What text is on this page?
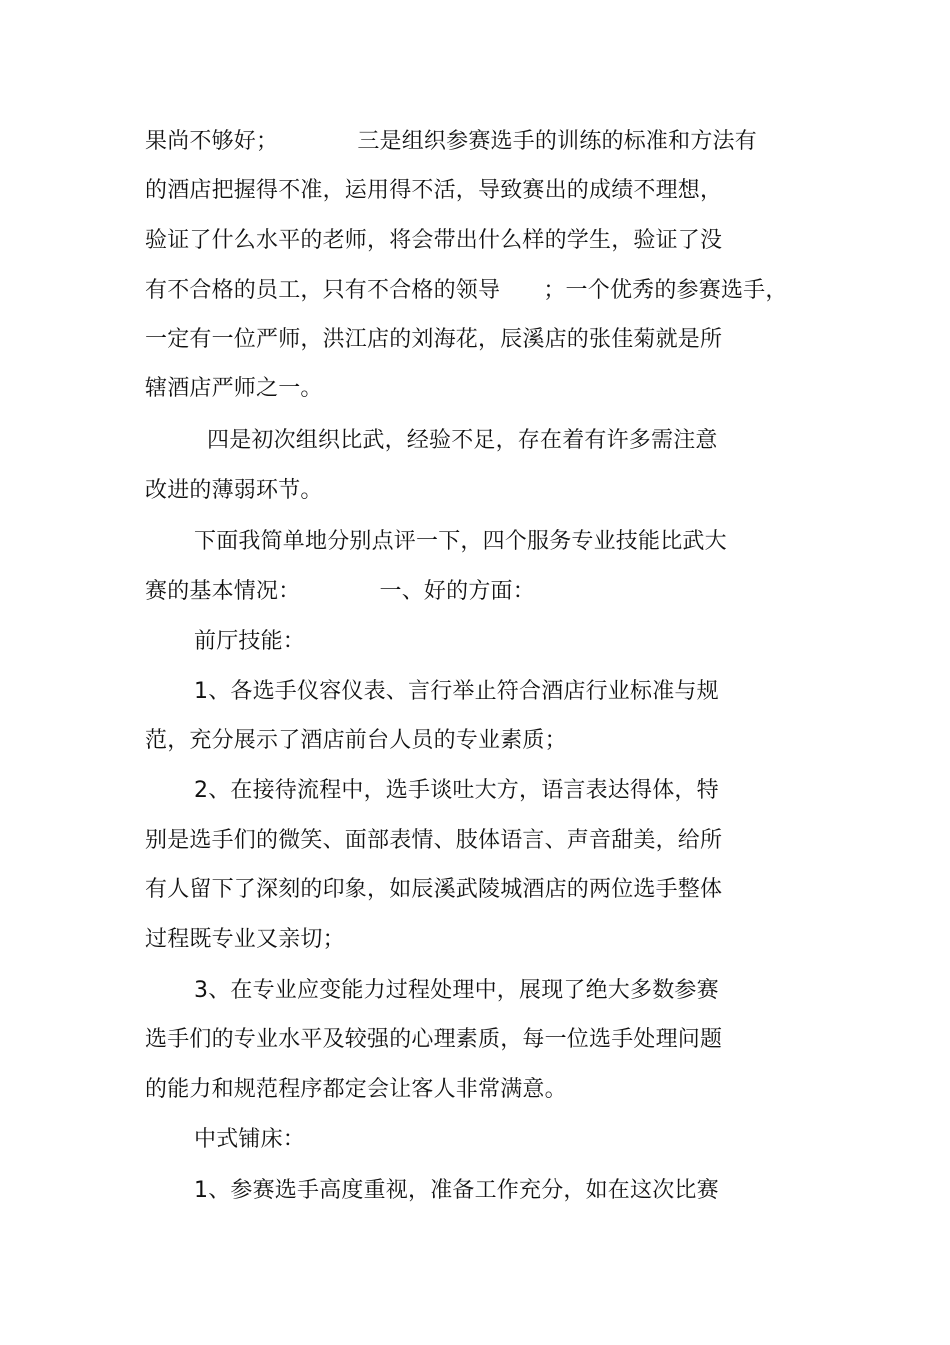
果尚不够好；           三是组织参赛选手的训练的标准和方法有
的酒店把握得不准，运用得不活，导致赛出的成绩不理想，
验证了什么水平的老师，将会带出什么样的学生，验证了没
有不合格的员工，只有不合格的领导      ；一个优秀的参赛选手，
一定有一位严师，洪江店的刘海花，辰溪店的张佳菊就是所
辖酒店严师之一。
四是初次组织比武，经验不足，存在着有许多需注意
改进的薄弱环节。
下面我简单地分别点评一下，四个服务专业技能比武大
赛的基本情况：           一、好的方面：
前厅技能：
1、各选手仪容仪表、言行举止符合酒店行业标准与规
范，充分展示了酒店前台人员的专业素质；
2、在接待流程中，选手谈吐大方，语言表达得体，特
别是选手们的微笑、面部表情、肢体语言、声音甜美，给所
有人留下了深刻的印象，如辰溪武陵城酒店的两位选手整体
过程既专业又亲切；
3、在专业应变能力过程处理中，展现了绝大多数参赛
选手们的专业水平及较强的心理素质，每一位选手处理问题
的能力和规范程序都定会让客人非常满意。
中式铺床：
1、参赛选手高度重视，准备工作充分，如在这次比赛
